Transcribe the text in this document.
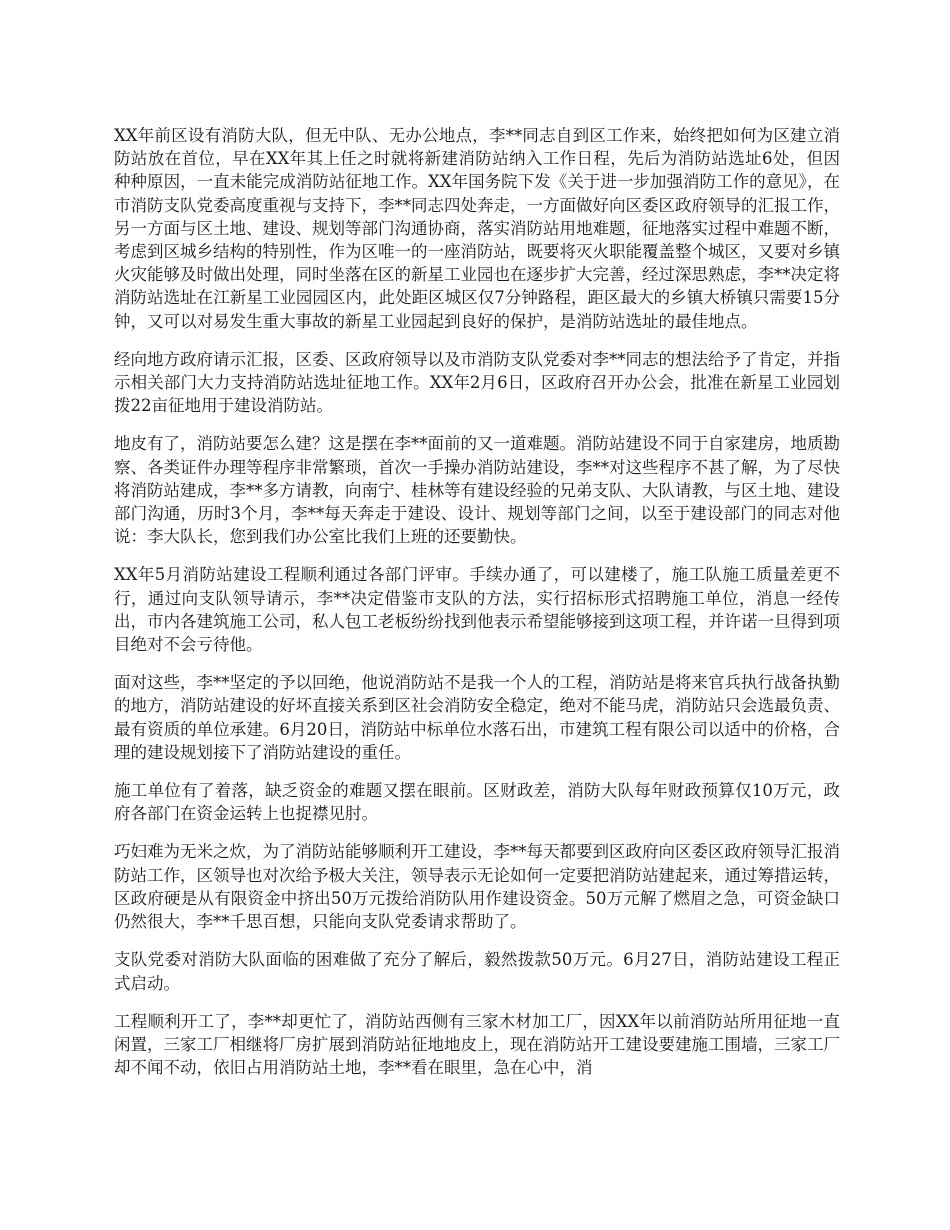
XX年前区设有消防大队，但无中队、无办公地点，李**同志自到区工作来，始终把如何为区建立消防站放在首位，早在XX年其上任之时就将新建消防站纳入工作日程，先后为消防站选址6处，但因种种原因，一直未能完成消防站征地工作。XX年国务院下发《关于进一步加强消防工作的意见》，在市消防支队党委高度重视与支持下，李**同志四处奔走，一方面做好向区委区政府领导的汇报工作，另一方面与区土地、建设、规划等部门沟通协商，落实消防站用地难题，征地落实过程中难题不断，考虑到区城乡结构的特别性，作为区唯一的一座消防站，既要将灭火职能覆盖整个城区，又要对乡镇火灾能够及时做出处理，同时坐落在区的新星工业园也在逐步扩大完善，经过深思熟虑，李**决定将消防站选址在江新星工业园园区内，此处距区城区仅7分钟路程，距区最大的乡镇大桥镇只需要15分钟，又可以对易发生重大事故的新星工业园起到良好的保护，是消防站选址的最佳地点。

经向地方政府请示汇报，区委、区政府领导以及市消防支队党委对李**同志的想法给予了肯定，并指示相关部门大力支持消防站选址征地工作。XX年2月6日，区政府召开办公会，批准在新星工业园划拨22亩征地用于建设消防站。

地皮有了，消防站要怎么建？这是摆在李**面前的又一道难题。消防站建设不同于自家建房，地质勘察、各类证件办理等程序非常繁琐，首次一手操办消防站建设，李**对这些程序不甚了解，为了尽快将消防站建成，李**多方请教，向南宁、桂林等有建设经验的兄弟支队、大队请教，与区土地、建设部门沟通，历时3个月，李**每天奔走于建设、设计、规划等部门之间，以至于建设部门的同志对他说：李大队长，您到我们办公室比我们上班的还要勤快。

XX年5月消防站建设工程顺利通过各部门评审。手续办通了，可以建楼了，施工队施工质量差更不行，通过向支队领导请示，李**决定借鉴市支队的方法，实行招标形式招聘施工单位，消息一经传出，市内各建筑施工公司，私人包工老板纷纷找到他表示希望能够接到这项工程，并许诺一旦得到项目绝对不会亏待他。

面对这些，李**坚定的予以回绝，他说消防站不是我一个人的工程，消防站是将来官兵执行战备执勤的地方，消防站建设的好坏直接关系到区社会消防安全稳定，绝对不能马虎，消防站只会选最负责、最有资质的单位承建。6月20日，消防站中标单位水落石出，市建筑工程有限公司以适中的价格，合理的建设规划接下了消防站建设的重任。

施工单位有了着落，缺乏资金的难题又摆在眼前。区财政差，消防大队每年财政预算仅10万元，政府各部门在资金运转上也捉襟见肘。

巧妇难为无米之炊，为了消防站能够顺利开工建设，李**每天都要到区政府向区委区政府领导汇报消防站工作，区领导也对次给予极大关注，领导表示无论如何一定要把消防站建起来，通过筹措运转，区政府硬是从有限资金中挤出50万元拨给消防队用作建设资金。50万元解了燃眉之急，可资金缺口仍然很大，李**千思百想，只能向支队党委请求帮助了。

支队党委对消防大队面临的困难做了充分了解后，毅然拨款50万元。6月27日，消防站建设工程正式启动。

工程顺利开工了，李**却更忙了，消防站西侧有三家木材加工厂，因XX年以前消防站所用征地一直闲置，三家工厂相继将厂房扩展到消防站征地地皮上，现在消防站开工建设要建施工围墙，三家工厂却不闻不动，依旧占用消防站土地，李**看在眼里，急在心中，消
